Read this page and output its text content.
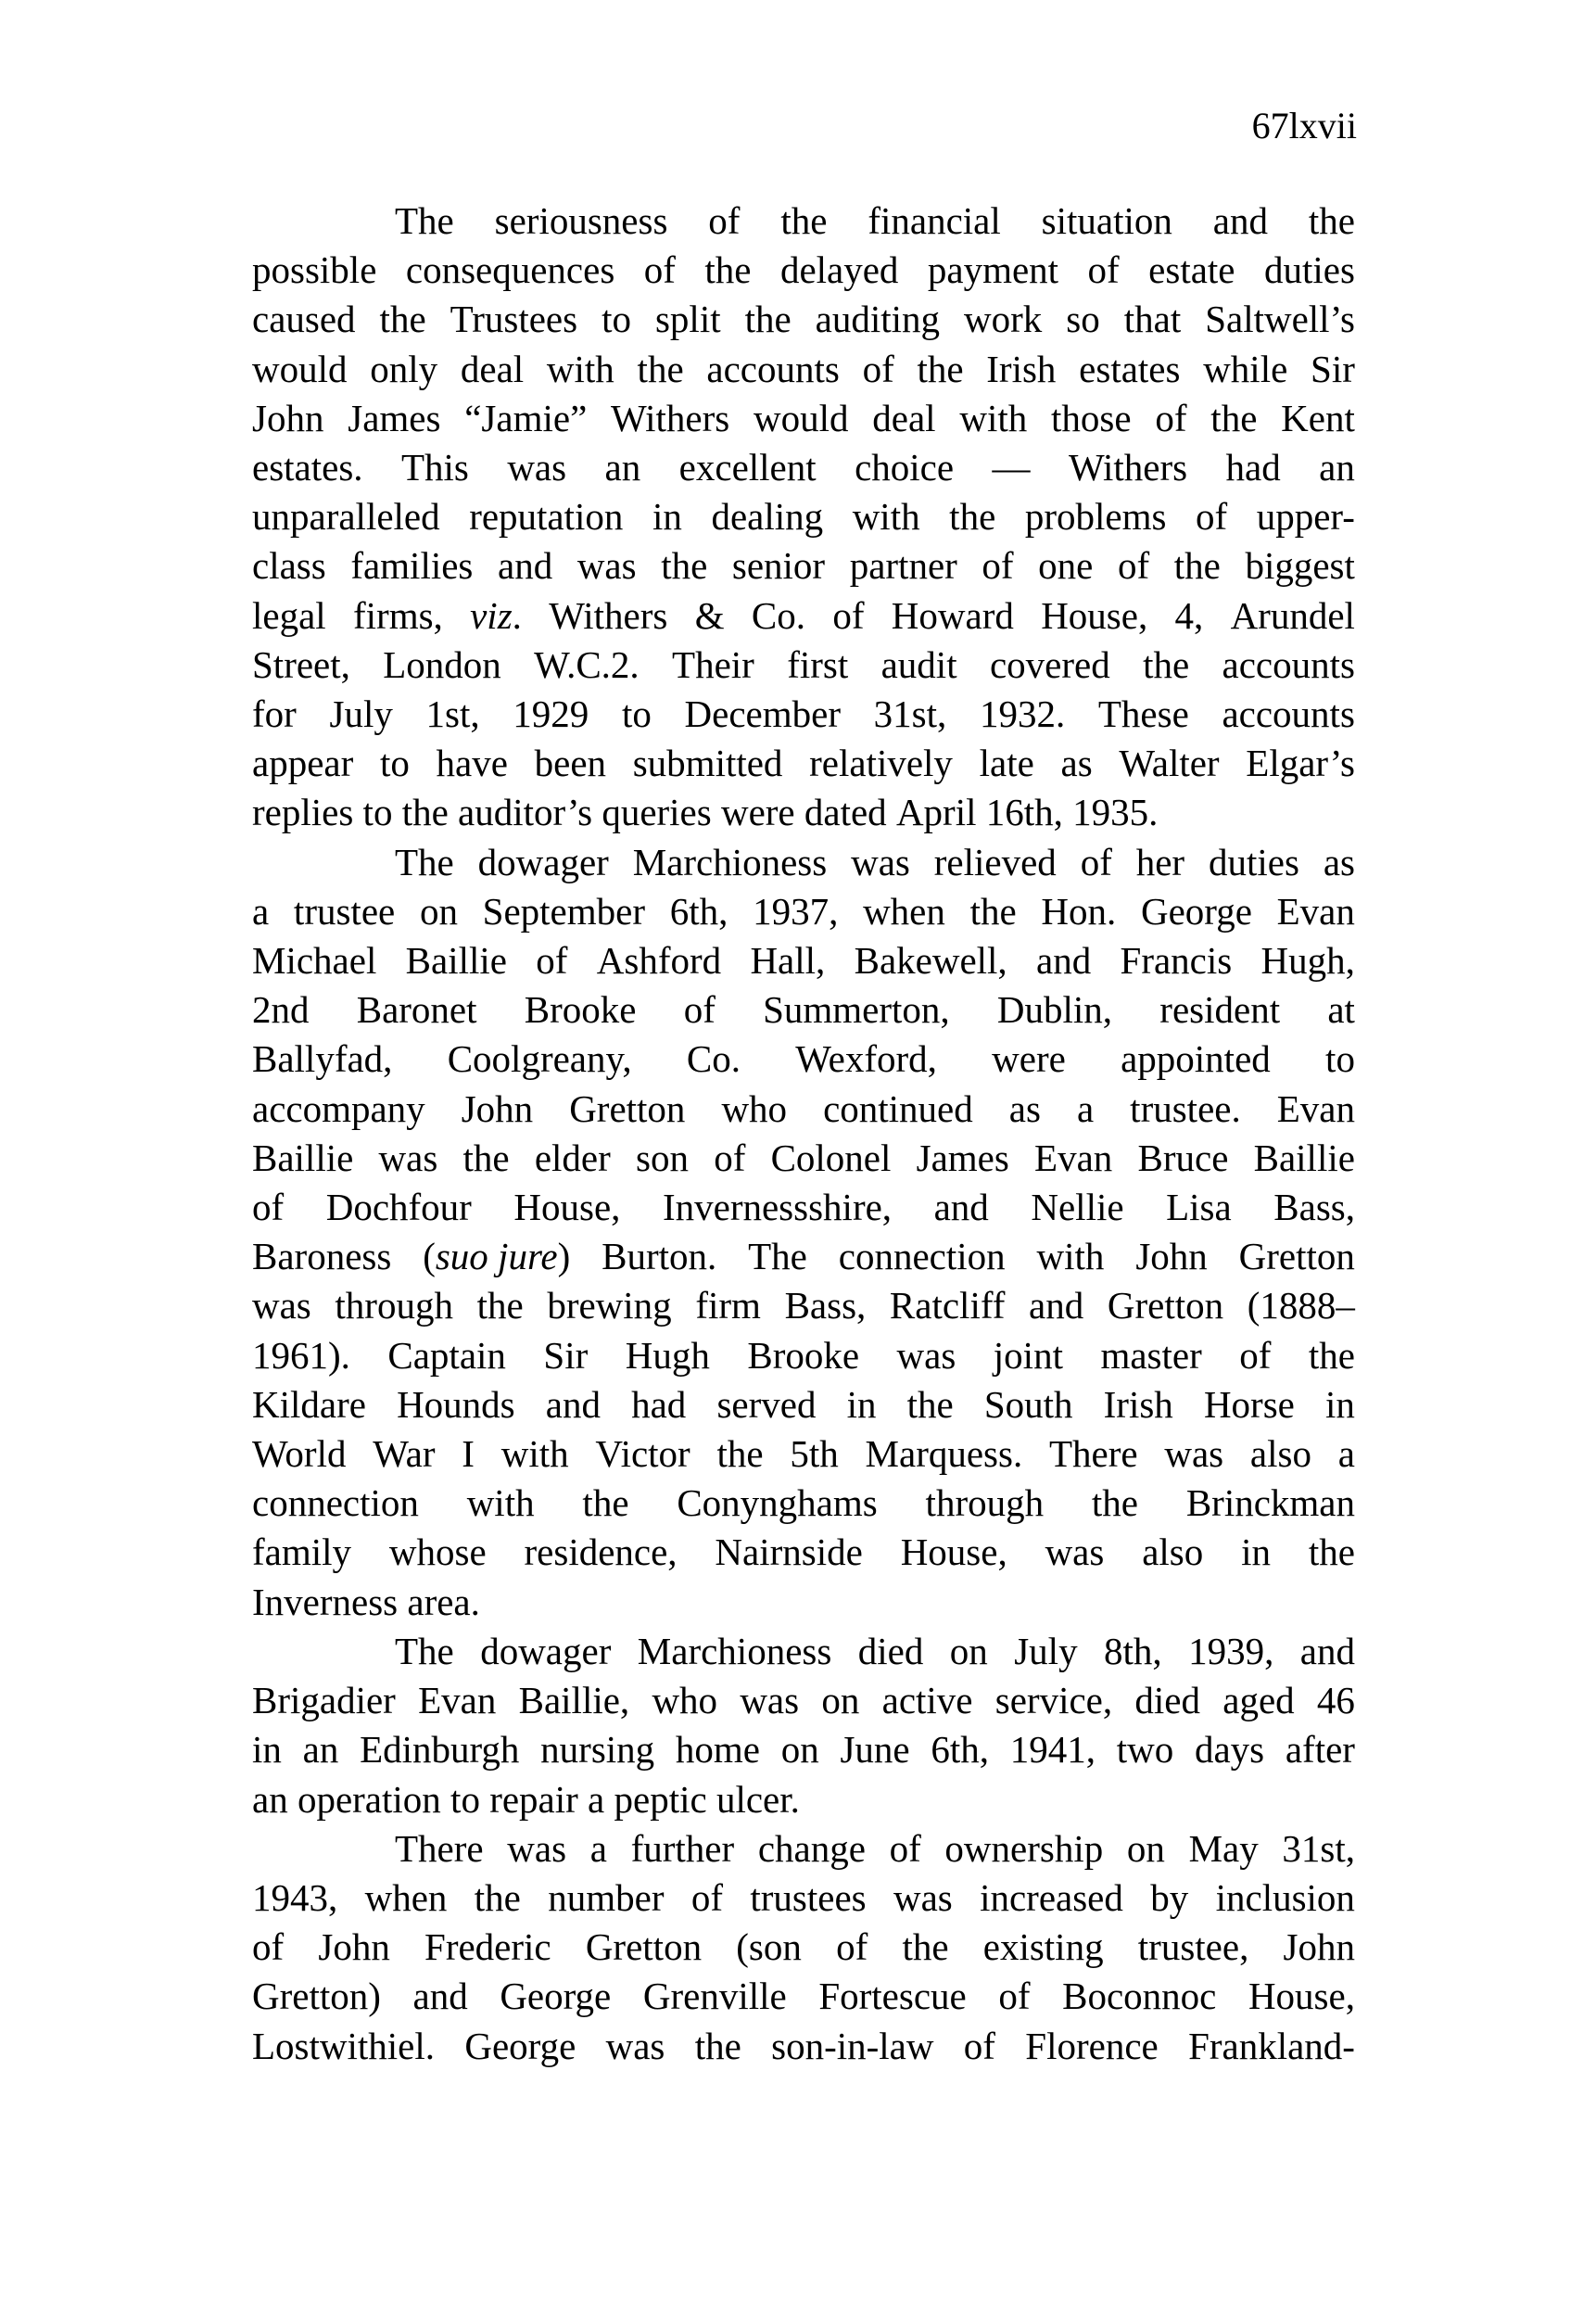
67lxvii
The seriousness of the financial situation and the
possible consequences of the delayed payment of estate duties
caused the Trustees to split the auditing work so that Saltwell’s
would only deal with the accounts of the Irish estates while Sir
John James “Jamie” Withers would deal with those of the Kent
estates. This was an excellent choice — Withers had an
unparalleled reputation in dealing with the problems of upper-
class families and was the senior partner of one of the biggest
legal firms, viz. Withers & Co. of Howard House, 4, Arundel
Street, London W.C.2. Their first audit covered the accounts
for July 1st, 1929 to December 31st, 1932. These accounts
appear to have been submitted relatively late as Walter Elgar’s
replies to the auditor’s queries were dated April 16th, 1935.
The dowager Marchioness was relieved of her duties as
a trustee on September 6th, 1937, when the Hon. George Evan
Michael Baillie of Ashford Hall, Bakewell, and Francis Hugh,
2nd Baronet Brooke of Summerton, Dublin, resident at
Ballyfad, Coolgreany, Co. Wexford, were appointed to
accompany John Gretton who continued as a trustee. Evan
Baillie was the elder son of Colonel James Evan Bruce Baillie
of Dochfour House, Invernessshire, and Nellie Lisa Bass,
Baroness (suo jure) Burton. The connection with John Gretton
was through the brewing firm Bass, Ratcliff and Gretton (1888–
1961). Captain Sir Hugh Brooke was joint master of the
Kildare Hounds and had served in the South Irish Horse in
World War I with Victor the 5th Marquess. There was also a
connection with the Conynghams through the Brinckman
family whose residence, Nairnside House, was also in the
Inverness area.
The dowager Marchioness died on July 8th, 1939, and
Brigadier Evan Baillie, who was on active service, died aged 46
in an Edinburgh nursing home on June 6th, 1941, two days after
an operation to repair a peptic ulcer.
There was a further change of ownership on May 31st,
1943, when the number of trustees was increased by inclusion
of John Frederic Gretton (son of the existing trustee, John
Gretton) and George Grenville Fortescue of Boconnoc House,
Lostwithiel. George was the son-in-law of Florence Frankland-
